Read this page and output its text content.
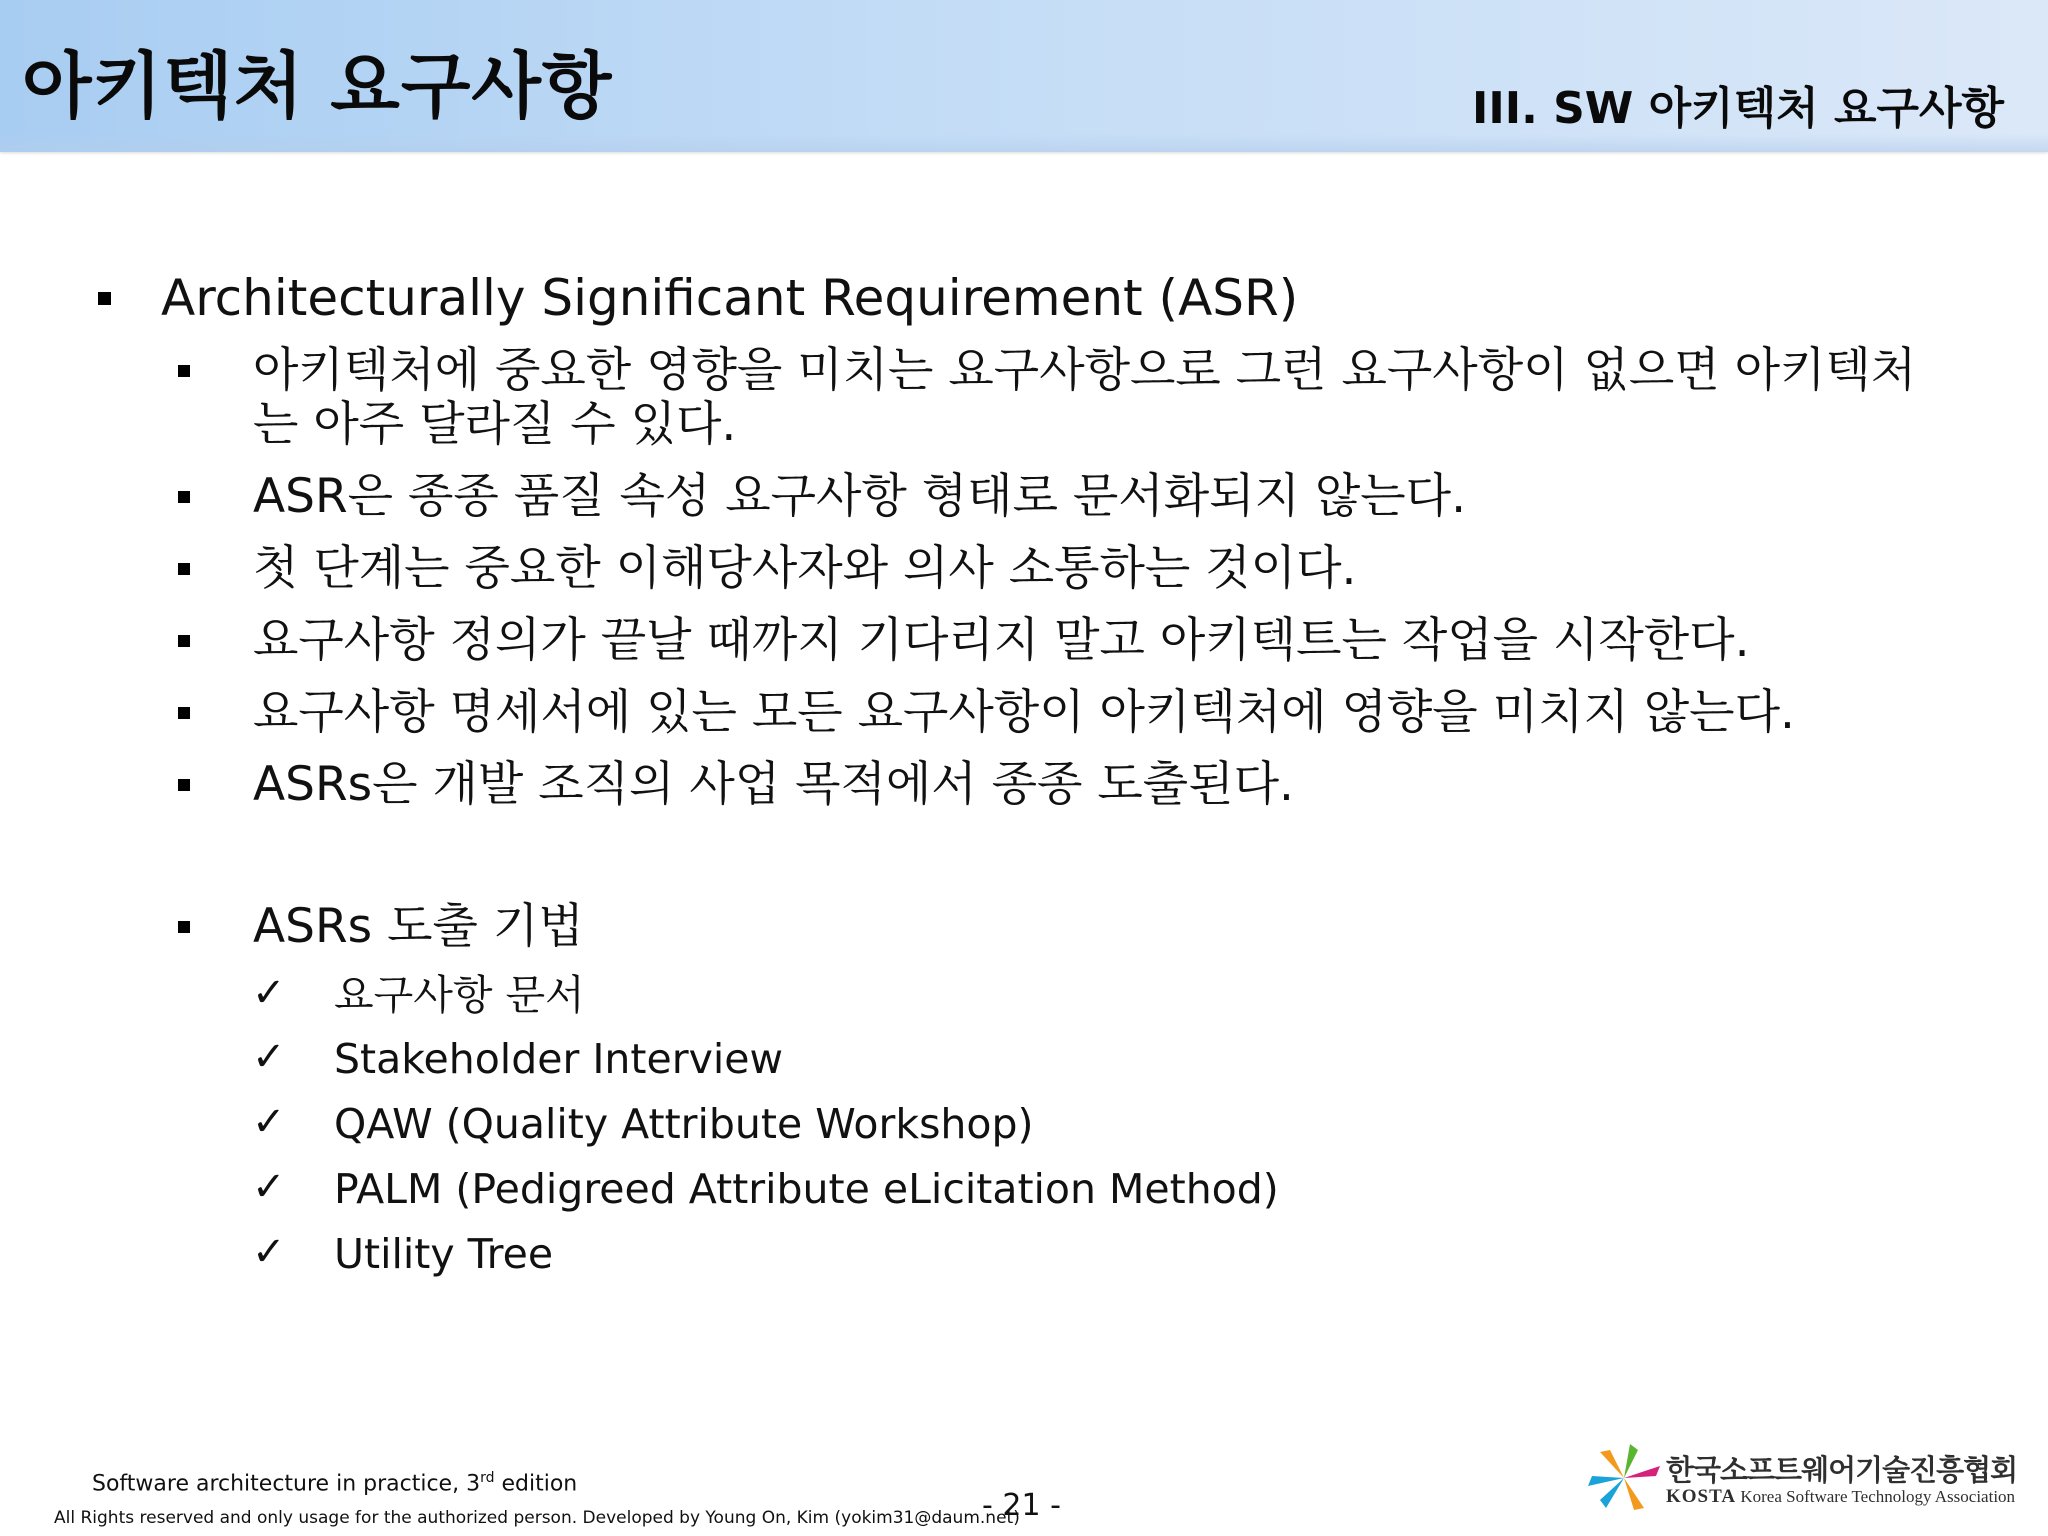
아키텍처 요구사항	III. SW 아키텍처 요구사항
Architecturally Significant Requirement (ASR)
아키텍처에 중요한 영향을 미치는 요구사항으로 그런 요구사항이 없으면 아키텍처
는 아주 달라질 수 있다.
ASR은 종종 품질 속성 요구사항 형태로 문서화되지 않는다.
첫 단계는 중요한 이해당사자와 의사 소통하는 것이다.
요구사항 정의가 끝날 때까지 기다리지 말고 아키텍트는 작업을 시작한다.
요구사항 명세서에 있는 모든 요구사항이 아키텍처에 영향을 미치지 않는다.
ASRs은 개발 조직의 사업 목적에서 종종 도출된다.
ASRs 도출 기법
✓ 요구사항 문서
✓ Stakeholder Interview
✓ QAW (Quality Attribute Workshop)
✓ PALM (Pedigreed Attribute eLicitation Method)
✓ Utility Tree
Software architecture in practice, 3rd edition
All Rights reserved and only usage for the authorized person. Developed by Young On, Kim (yokim31@daum.net)
- 21 -
한국소프트웨어기술진흥협회
KOSTA Korea Software Technology Association
